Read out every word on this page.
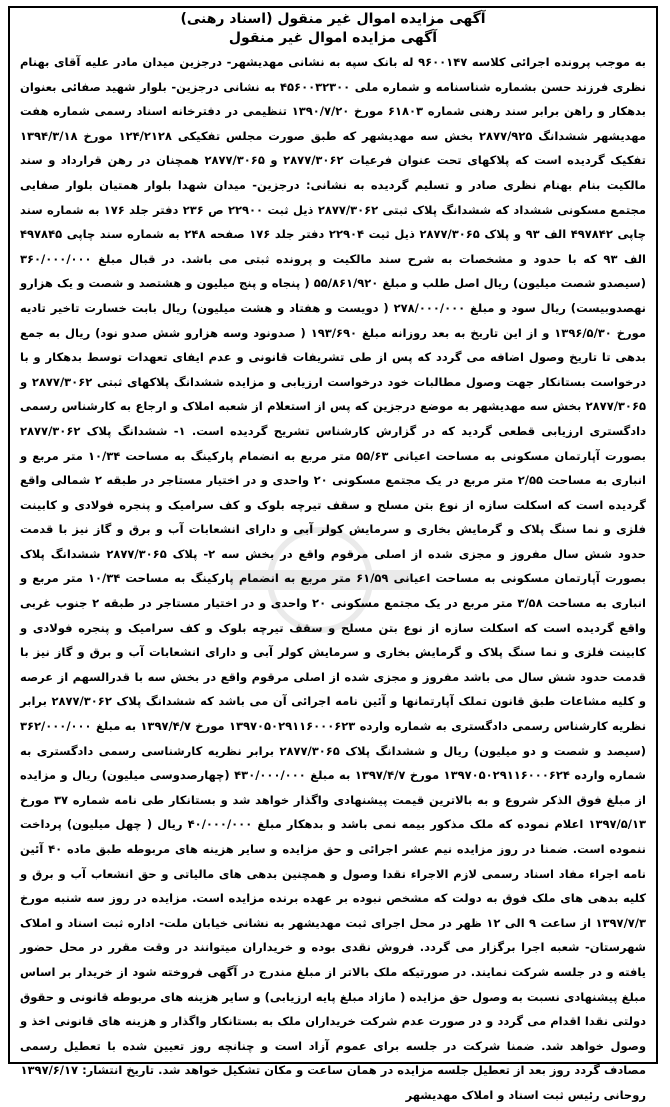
آگهی مزایده اموال غیر منقول (اسناد رهنی)

آگهی مزایده اموال غیر منقول

به موجب پرونده اجرائی کلاسه ۹۶۰۰۱۴۷ له بانک سپه به نشانی مهدیشهر- درجزین میدان مادر علیه آقای بهنام نظری فرزند حسن بشماره شناسنامه و شماره ملی ۴۵۶۰۰۳۲۳۰۰ به نشانی درجزین- بلوار شهید صفائی بعنوان بدهکار و راهن برابر سند رهنی شماره ۶۱۸۰۳ مورخ ۱۳۹۰/۷/۲۰ تنظیمی در دفترخانه اسناد رسمی شماره هفت مهدیشهر ششدانگ ۲۸۷۷/۹۲۵ بخش سه مهدیشهر که طبق صورت مجلس تفکیکی ۱۲۴/۲۱۲۸ مورخ ۱۳۹۴/۳/۱۸ تفکیک گردیده است که پلاکهای تحت عنوان فرعیات ۲۸۷۷/۳۰۶۲ و ۲۸۷۷/۳۰۶۵ همچنان در رهن قرارداد و سند مالکیت بنام بهنام نظری صادر و تسلیم گردیده به نشانی: درجزین- میدان شهدا بلوار همتیان بلوار صفایی مجتمع مسکونی ششداد که ششدانگ پلاک ثبتی ۲۸۷۷/۳۰۶۲ ذیل ثبت ۲۲۹۰۰ ص ۲۳۶ دفتر جلد ۱۷۶ به شماره سند چاپی ۴۹۷۸۴۲ الف ۹۳ و پلاک ۲۸۷۷/۳۰۶۵ ذیل ثبت ۲۲۹۰۴ دفتر جلد ۱۷۶ صفحه ۲۴۸ به شماره سند چاپی ۴۹۷۸۴۵ الف ۹۳ که با حدود و مشخصات به شرح سند مالکیت و پرونده ثبتی می باشد. در قبال مبلغ ۳۶۰/۰۰۰/۰۰۰ (سیصدو شصت میلیون) ریال اصل طلب و مبلغ ۵۵/۸۶۱/۹۲۰ ( پنجاه و پنج میلیون و هشتصد و شصت و یک هزارو نهصدوبیست) ریال سود و مبلغ ۲۷۸/۰۰۰/۰۰۰ ( دویست و هفتاد و هشت میلیون) ریال بابت خسارت تاخیر تادیه مورخ ۱۳۹۶/۵/۳۰ و از این تاریخ به بعد روزانه مبلغ ۱۹۳/۶۹۰ ( صدونود وسه هزارو شش صدو نود) ریال به جمع بدهی تا تاریخ وصول اضافه می گردد که پس از طی تشریفات قانونی و عدم ایفای تعهدات توسط بدهکار و با درخواست بستانکار جهت وصول مطالبات خود درخواست ارزیابی و مزایده ششدانگ پلاکهای ثبتی ۲۸۷۷/۳۰۶۲ و ۲۸۷۷/۳۰۶۵ بخش سه مهدیشهر به موضع درجزین که پس از استعلام از شعبه املاک و ارجاع به کارشناس رسمی دادگستری ارزیابی قطعی گردید که در گزارش کارشناس تشریح گردیده است. ۱- ششدانگ پلاک ۲۸۷۷/۳۰۶۲ بصورت آپارتمان مسکونی به مساحت اعیانی ۵۵/۶۳ متر مربع به انضمام پارکینگ به مساحت ۱۰/۳۴ متر مربع و انباری به مساحت ۲/۵۵ متر مربع در یک مجتمع مسکونی ۲۰ واحدی و در اختیار مستاجر در طبقه ۲ شمالی واقع گردیده است که اسکلت سازه از نوع بتن مسلح و سقف تیرچه بلوک و کف سرامیک و پنجره فولادی و کابینت فلزی و نما سنگ پلاک و گرمایش بخاری و سرمایش کولر آبی و دارای انشعابات آب و برق و گاز نیز با قدمت حدود شش سال مفروز و مجزی شده از اصلی مرقوم واقع در بخش سه ۲- پلاک ۲۸۷۷/۳۰۶۵ ششدانگ پلاک بصورت آپارتمان مسکونی به مساحت اعیانی ۶۱/۵۹ متر مربع به انضمام پارکینگ به مساحت ۱۰/۳۴ متر مربع و انباری به مساحت ۳/۵۸ متر مربع در یک مجتمع مسکونی ۲۰ واحدی و در اختیار مستاجر در طبقه ۲ جنوب غربی واقع گردیده است که اسکلت سازه از نوع بتن مسلح و سقف تیرچه بلوک و کف سرامیک و پنجره فولادی و کابینت فلزی و نما سنگ پلاک و گرمایش بخاری و سرمایش کولر آبی و دارای انشعابات آب و برق و گاز نیز با قدمت حدود شش سال می باشد مفروز و مجزی شده از اصلی مرقوم واقع در بخش سه با قدرالسهم از عرصه و کلیه مشاعات طبق قانون تملک آپارتمانها و آئین نامه اجرائی آن می باشد که ششدانگ پلاک ۲۸۷۷/۳۰۶۲ برابر نظریه کارشناس رسمی دادگستری به شماره وارده ۱۳۹۷۰۵۰۲۹۱۱۶۰۰۰۶۲۳ مورخ ۱۳۹۷/۴/۷ به مبلغ ۳۶۲/۰۰۰/۰۰۰ (سیصد و شصت و دو میلیون) ریال و ششدانگ پلاک ۲۸۷۷/۳۰۶۵ برابر نظریه کارشناسی رسمی دادگستری به شماره وارده ۱۳۹۷۰۵۰۲۹۱۱۶۰۰۰۶۲۴ مورخ ۱۳۹۷/۴/۷ به مبلغ ۴۳۰/۰۰۰/۰۰۰ (چهارصدوسی میلیون) ریال و مزایده از مبلغ فوق الذکر شروع و به بالاترین قیمت پیشنهادی واگذار خواهد شد و بستانکار طی نامه شماره ۳۷ مورخ ۱۳۹۷/۵/۱۳ اعلام نموده که ملک مذکور بیمه نمی باشد و بدهکار مبلغ ۴۰/۰۰۰/۰۰۰ ریال ( چهل میلیون) پرداخت ننموده است. ضمنا در روز مزایده نیم عشر اجرائی و حق مزایده و سایر هزینه های مربوطه طبق ماده ۴۰ آئین نامه اجراء مفاد اسناد رسمی لازم الاجراء نقدا وصول و همچنین بدهی های مالیاتی و حق انشعاب آب و برق و کلیه بدهی های ملک فوق به دولت که مشخص نبوده بر عهده برنده مزایده است. مزایده در روز سه شنبه مورخ ۱۳۹۷/۷/۳ از ساعت ۹ الی ۱۲ ظهر در محل اجرای ثبت مهدیشهر به نشانی خیابان ملت- اداره ثبت اسناد و املاک شهرستان- شعبه اجرا برگزار می گردد. فروش نقدی بوده و خریداران میتوانند در وقت مقرر در محل حضور یافته و در جلسه شرکت نمایند. در صورتیکه ملک بالاتر از مبلغ مندرج در آگهی فروخته شود از خریدار بر اساس مبلغ پیشنهادی نسبت به وصول حق مزایده ( مازاد مبلغ پایه ارزیابی) و سایر هزینه های مربوطه قانونی و حقوق دولتی نقدا اقدام می گردد و در صورت عدم شرکت خریداران ملک به بستانکار واگذار و هزینه های قانونی اخذ و وصول خواهد شد. ضمنا شرکت در جلسه برای عموم آزاد است و چنانچه روز تعیین شده با تعطیل رسمی مصادف گردد روز بعد از تعطیل جلسه مزایده در همان ساعت و مکان تشکیل خواهد شد. تاریخ انتشار: ۱۳۹۷/۶/۱۷

روحانی رئیس ثبت اسناد و املاک مهدیشهر
